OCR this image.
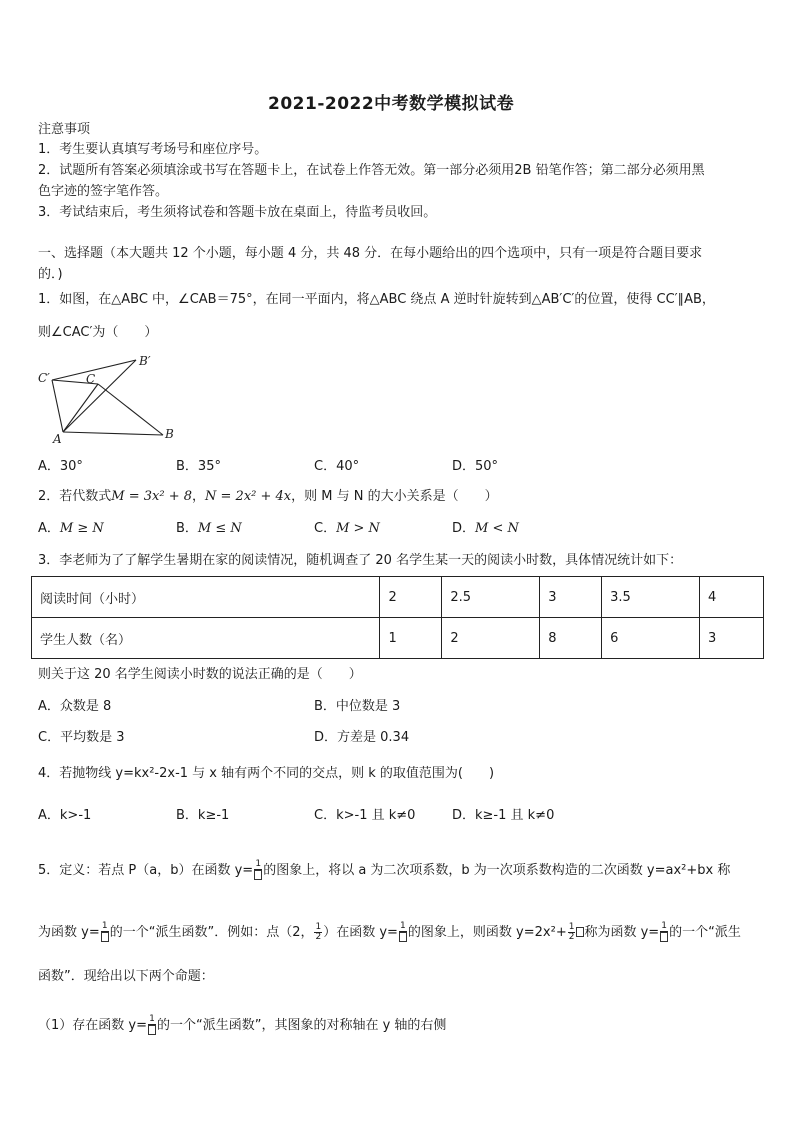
2021-2022中考数学模拟试卷
注意事项
1．考生要认真填写考场号和座位序号。
2．试题所有答案必须填涂或书写在答题卡上，在试卷上作答无效。第一部分必须用2B 铅笔作答；第二部分必须用黑
色字迹的签字笔作答。
3．考试结束后，考生须将试卷和答题卡放在桌面上，待监考员收回。
一、选择题（本大题共 12 个小题，每小题 4 分，共 48 分．在每小题给出的四个选项中，只有一项是符合题目要求
的．)
1．如图，在△ABC 中，∠CAB＝75°，在同一平面内，将△ABC 绕点 A 逆时针旋转到△AB′C′的位置，使得 CC′∥AB，
则∠CAC′为（　　）
C′	C
B′
A	B
A．30°	B．35°	C．40°	D．50°
2．若代数式M = 3x² + 8，N = 2x² + 4x，则 M 与 N 的大小关系是（　　）
A．M ≥ N	B．M ≤ N	C．M > N	D．M < N
3．李老师为了了解学生暑期在家的阅读情况，随机调查了 20 名学生某一天的阅读小时数，具体情况统计如下：
阅读时间（小时）	2	2.5	3	3.5	4
学生人数（名）	1	2	8	6	3
则关于这 20 名学生阅读小时数的说法正确的是（　　）
A．众数是 8	B．中位数是 3
C．平均数是 3	D．方差是 0.34
4．若抛物线 y=kx²-2x-1 与 x 轴有两个不同的交点，则 k 的取值范围为(　　)
A．k>-1	B．k≥-1	C．k>-1 且 k≠0	D．k≥-1 且 k≠0
5．定义：若点 P（a，b）在函数 y= 1 的图象上，将以 a 为二次项系数，b 为一次项系数构造的二次函数 y=ax²+bx 称
为函数 y= 1 的一个“派生函数”．例如：点（2， $\frac{1}{2}$ ）在函数 y= 1 的图象上，则函数 $y=2x^2+ \frac{1}{2}$ 称为函数 y= 1 的一个“派生
函数”．现给出以下两个命题：
（1）存在函数 y= 1 的一个“派生函数”，其图象的对称轴在 y 轴的右侧
